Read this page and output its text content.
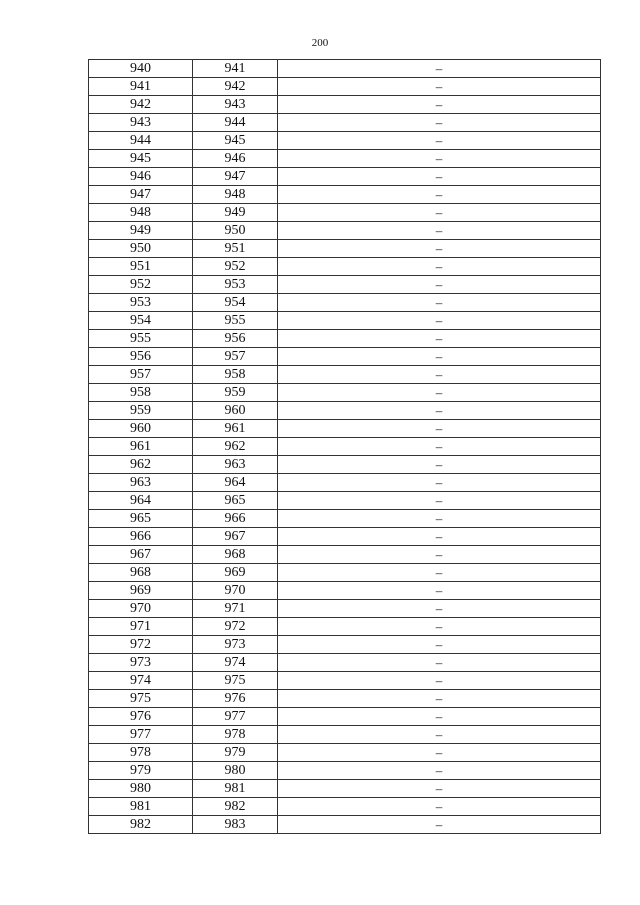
200
940	941	–
941	942	–
942	943	–
943	944	–
944	945	–
945	946	–
946	947	–
947	948	–
948	949	–
949	950	–
950	951	–
951	952	–
952	953	–
953	954	–
954	955	–
955	956	–
956	957	–
957	958	–
958	959	–
959	960	–
960	961	–
961	962	–
962	963	–
963	964	–
964	965	–
965	966	–
966	967	–
967	968	–
968	969	–
969	970	–
970	971	–
971	972	–
972	973	–
973	974	–
974	975	–
975	976	–
976	977	–
977	978	–
978	979	–
979	980	–
980	981	–
981	982	–
982	983	–
